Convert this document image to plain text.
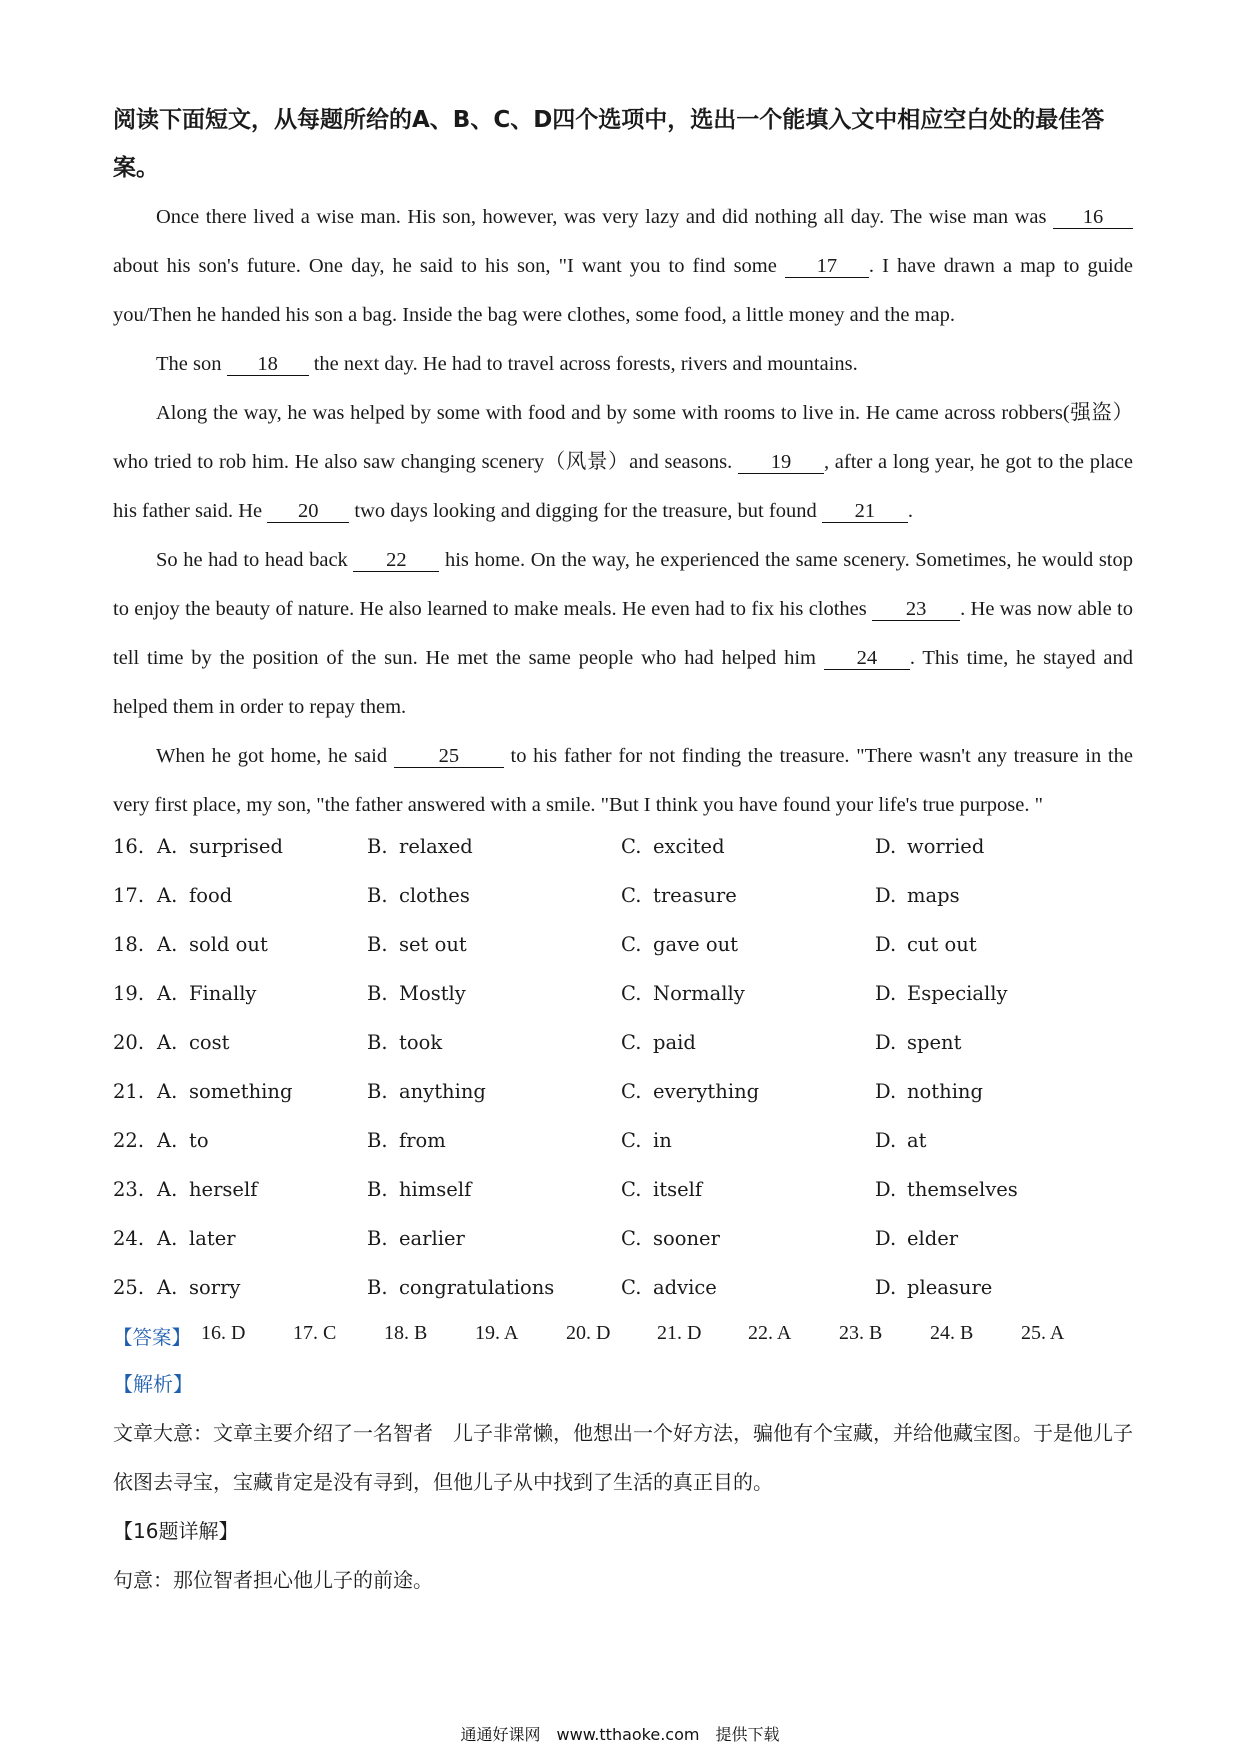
阅读下面短文，从每题所给的A、B、C、D四个选项中，选出一个能填入文中相应空白处的最佳答案。
Once there lived a wise man. His son, however, was very lazy and did nothing all day. The wise man was 16 about his son's future. One day, he said to his son, "I want you to find some 17 . I have drawn a map to guide you/Then he handed his son a bag. Inside the bag were clothes, some food, a little money and the map.
The son 18 the next day. He had to travel across forests, rivers and mountains.
Along the way, he was helped by some with food and by some with rooms to live in. He came across robbers(强盗）who tried to rob him. He also saw changing scenery（风景）and seasons. 19 , after a long year, he got to the place his father said. He 20 two days looking and digging for the treasure, but found 21 .
So he had to head back 22 his home. On the way, he experienced the same scenery. Sometimes, he would stop to enjoy the beauty of nature. He also learned to make meals. He even had to fix his clothes 23 . He was now able to tell time by the position of the sun. He met the same people who had helped him 24 . This time, he stayed and helped them in order to repay them.
When he got home, he said 25 to his father for not finding the treasure. "There wasn't any treasure in the very first place, my son, "the father answered with a smile. "But I think you have found your life's true purpose. "
16. A. surprised	B. relaxed	C. excited	D. worried
17. A. food	B. clothes	C. treasure	D. maps
18. A. sold out	B. set out	C. gave out	D. cut out
19. A. Finally	B. Mostly	C. Normally	D. Especially
20. A. cost	B. took	C. paid	D. spent
21. A. something	B. anything	C. everything	D. nothing
22. A. to	B. from	C. in	D. at
23. A. herself	B. himself	C. itself	D. themselves
24. A. later	B. earlier	C. sooner	D. elder
25. A. sorry	B. congratulations	C. advice	D. pleasure
【答案】 16. D 17. C 18. B 19. A 20. D 21. D 22. A 23. B 24. B 25. A
【解析】
文章大意：文章主要介绍了一名智者　儿子非常懒，他想出一个好方法，骗他有个宝藏，并给他藏宝图。于是他儿子依图去寻宝，宝藏肯定是没有寻到，但他儿子从中找到了生活的真正目的。
【16题详解】
句意：那位智者担心他儿子的前途。
通通好课网　www.tthaoke.com　提供下载
